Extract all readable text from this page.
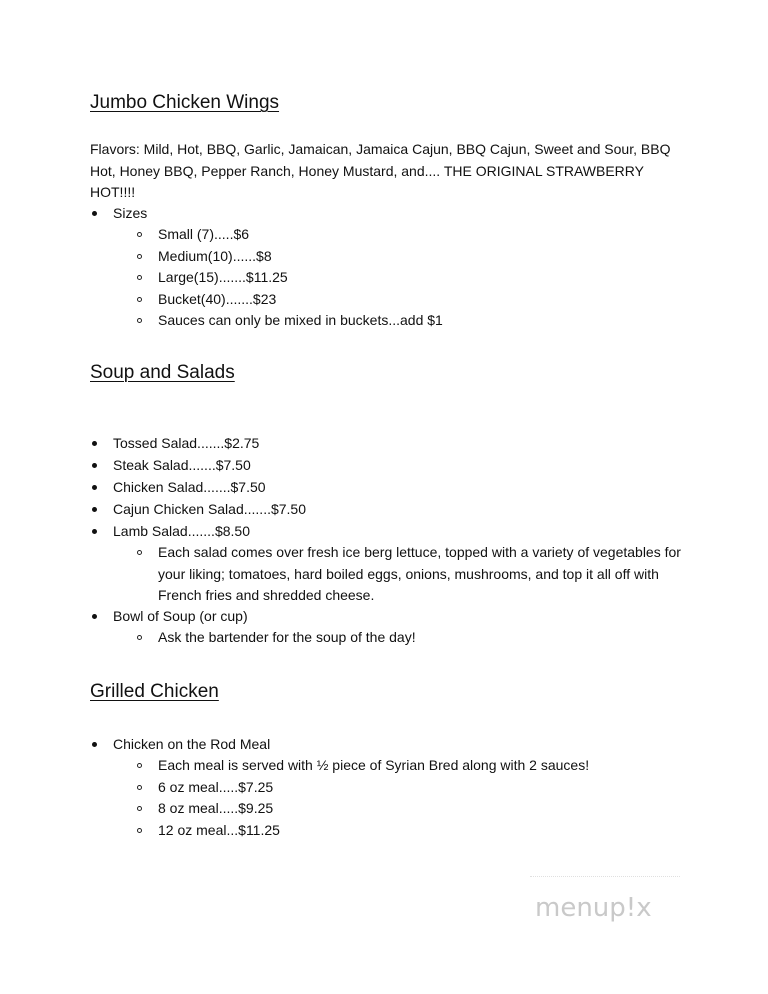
Jumbo Chicken Wings
Flavors: Mild, Hot, BBQ, Garlic, Jamaican, Jamaica Cajun, BBQ Cajun, Sweet and Sour, BBQ Hot, Honey BBQ, Pepper Ranch, Honey Mustard, and.... THE ORIGINAL STRAWBERRY HOT!!!!
Sizes
Small (7).....$6
Medium(10)......$8
Large(15).......$11.25
Bucket(40).......$23
Sauces can only be mixed in buckets...add $1
Soup and Salads
Tossed Salad.......$2.75
Steak Salad.......$7.50
Chicken Salad.......$7.50
Cajun Chicken Salad.......$7.50
Lamb Salad.......$8.50
Each salad comes over fresh ice berg lettuce, topped with a variety of vegetables for your liking; tomatoes, hard boiled eggs, onions, mushrooms, and top it all off with French fries and shredded cheese.
Bowl of Soup (or cup)
Ask the bartender for the soup of the day!
Grilled Chicken
Chicken on the Rod Meal
Each meal is served with ½ piece of Syrian Bred along with 2 sauces!
6 oz meal.....$7.25
8 oz meal.....$9.25
12 oz meal...$11.25
menup!x
